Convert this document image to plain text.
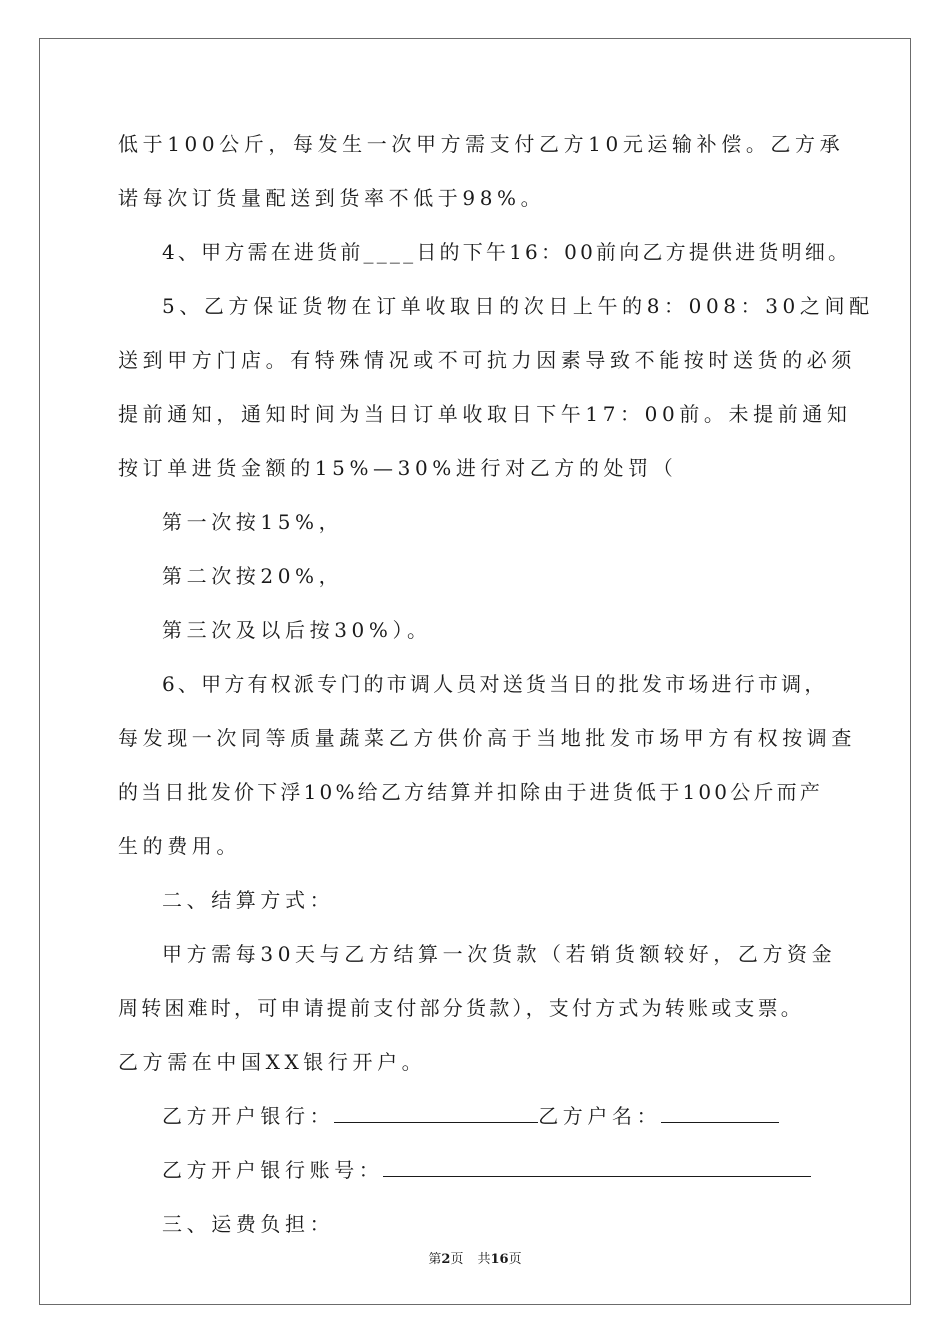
低于100公斤，每发生一次甲方需支付乙方10元运输补偿。乙方承
诺每次订货量配送到货率不低于98%。
4、甲方需在进货前____日的下午16：00前向乙方提供进货明细。
5、乙方保证货物在订单收取日的次日上午的8：008：30之间配
送到甲方门店。有特殊情况或不可抗力因素导致不能按时送货的必须
提前通知，通知时间为当日订单收取日下午17：00前。未提前通知
按订单进货金额的15%—30%进行对乙方的处罚（
第一次按15%，
第二次按20%，
第三次及以后按30%）。
6、甲方有权派专门的市调人员对送货当日的批发市场进行市调，
每发现一次同等质量蔬菜乙方供价高于当地批发市场甲方有权按调查
的当日批发价下浮10%给乙方结算并扣除由于进货低于100公斤而产
生的费用。
二、结算方式：
甲方需每30天与乙方结算一次货款（若销货额较好，乙方资金
周转困难时，可申请提前支付部分货款），支付方式为转账或支票。
乙方需在中国XX银行开户。
乙方开户银行：	乙方户名：
乙方开户银行账号：
三、运费负担：
第2页 共16页
